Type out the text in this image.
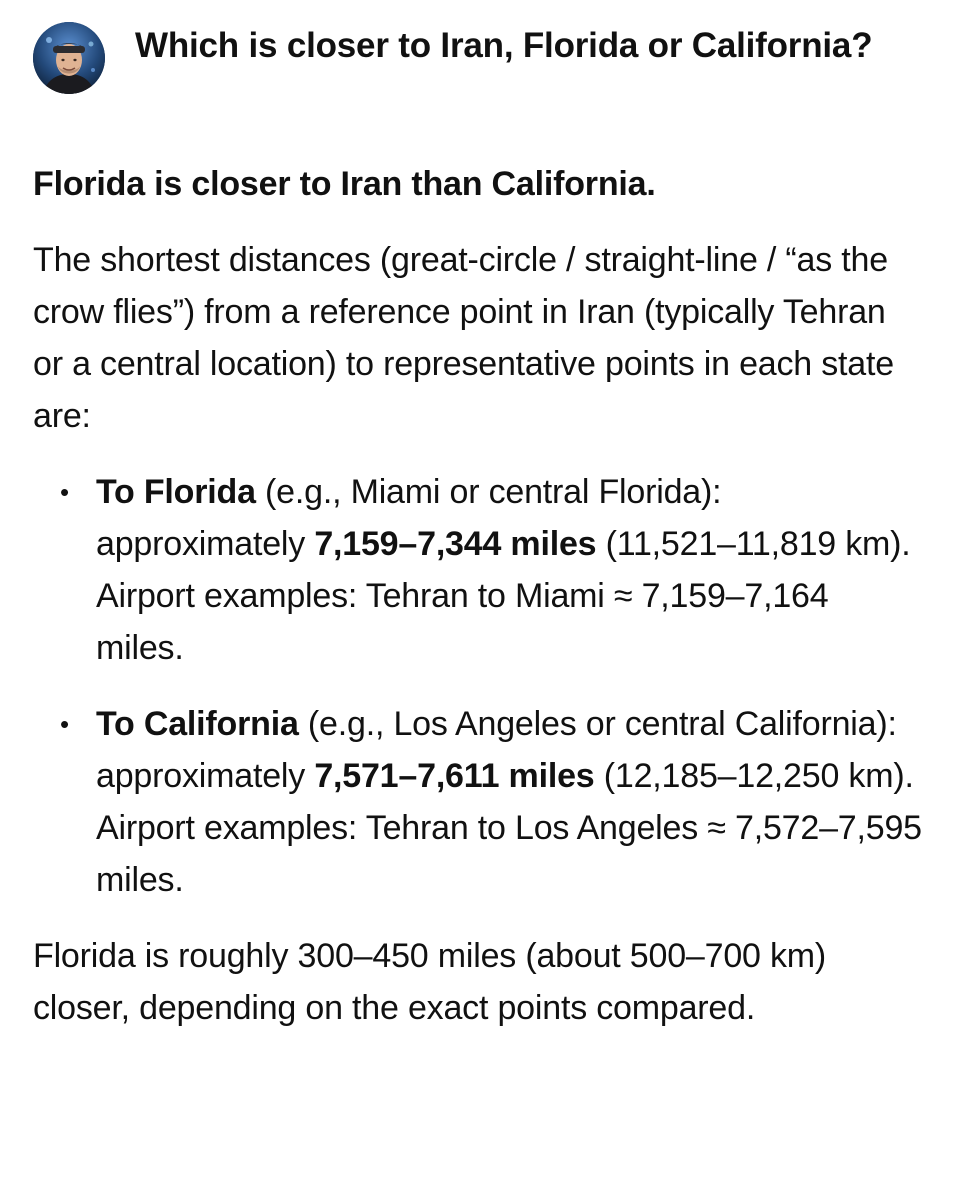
Which is closer to Iran, Florida or California?

Florida is closer to Iran than California.

The shortest distances (great-circle / straight-line / “as the crow flies”) from a reference point in Iran (typically Tehran or a central location) to representative points in each state are:

• To Florida (e.g., Miami or central Florida): approximately 7,159–7,344 miles (11,521–11,819 km).
Airport examples: Tehran to Miami ≈ 7,159–7,164 miles.
• To California (e.g., Los Angeles or central California): approximately 7,571–7,611 miles (12,185–12,250 km).
Airport examples: Tehran to Los Angeles ≈ 7,572–7,595 miles.

Florida is roughly 300–450 miles (about 500–700 km) closer, depending on the exact points compared.
